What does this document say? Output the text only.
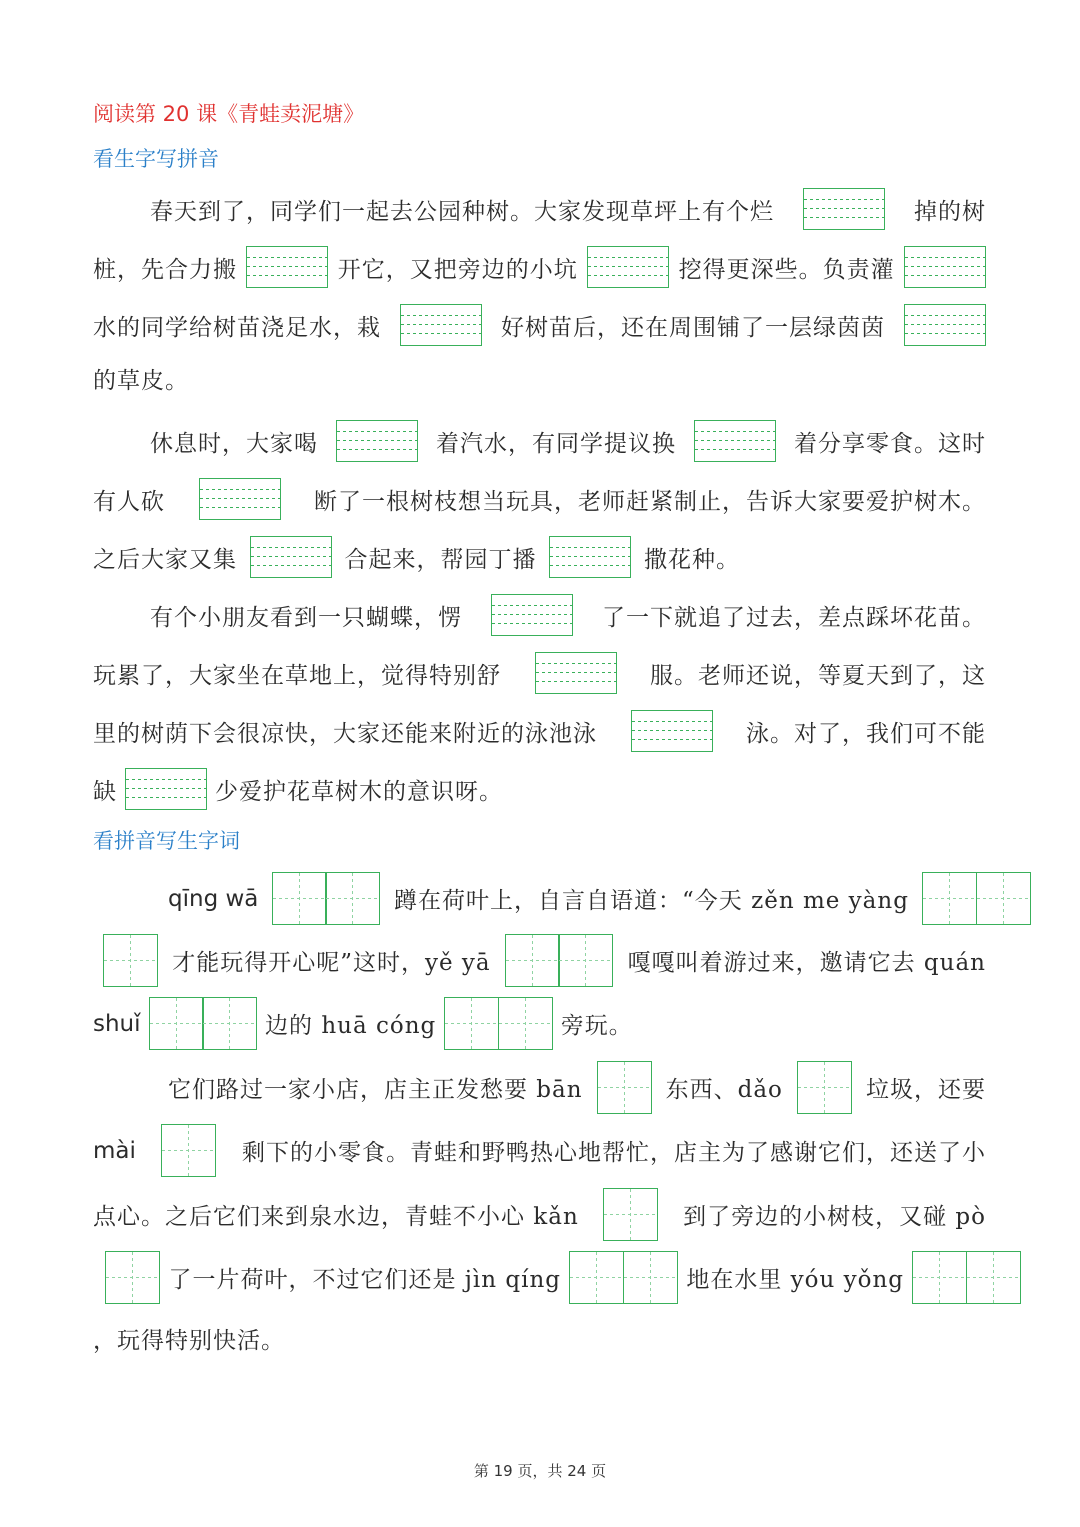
阅读第 20 课《青蛙卖泥塘》
看生字写拼音
春天到了，同学们一起去公园种树。大家发现草坪上有个烂	掉的树
桩，先合力搬	开它，又把旁边的小坑	挖得更深些。负责灌
水的同学给树苗浇足水，栽	好树苗后，还在周围铺了一层绿茵茵
的草皮。
休息时，大家喝	着汽水，有同学提议换	着分享零食。这时
有人砍	断了一根树枝想当玩具，老师赶紧制止，告诉大家要爱护树木。
之后大家又集	合起来，帮园丁播	撒花种。
有个小朋友看到一只蝴蝶，愣	了一下就追了过去，差点踩坏花苗。
玩累了，大家坐在草地上，觉得特别舒	服。老师还说，等夏天到了，这
里的树荫下会很凉快，大家还能来附近的泳池泳	泳。对了，我们可不能
缺	少爱护花草树木的意识呀。
看拼音写生字词
qīng wā	蹲在荷叶上，自言自语道：“今天 zěn me yàng
才能玩得开心呢”这时，yě yā	嘎嘎叫着游过来，邀请它去 quán
shuǐ	边的 huā cóng	旁玩。
它们路过一家小店，店主正发愁要 bān	东西、dǎo	垃圾，还要
mài	剩下的小零食。青蛙和野鸭热心地帮忙，店主为了感谢它们，还送了小
点心。之后它们来到泉水边，青蛙不小心 kǎn	到了旁边的小树枝，又碰 pò
了一片荷叶，不过它们还是 jìn qíng	地在水里 yóu yǒng
，玩得特别快活。
第 19 页，共 24 页
